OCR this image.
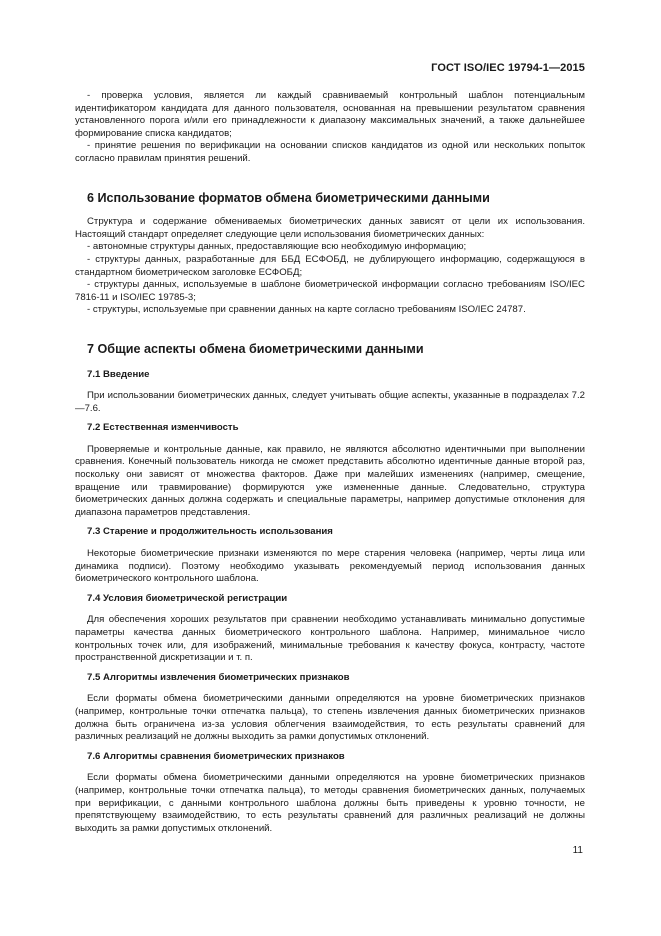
ГОСТ ISO/IEC 19794-1—2015

- проверка условия, является ли каждый сравниваемый контрольный шаблон потенциальным идентификатором кандидата для данного пользователя, основанная на превышении результатом сравнения установленного порога и/или его принадлежности к диапазону максимальных значений, а также дальнейшее формирование списка кандидатов;

- принятие решения по верификации на основании списков кандидатов из одной или нескольких попыток согласно правилам принятия решений.

6 Использование форматов обмена биометрическими данными

Структура и содержание обмениваемых биометрических данных зависят от цели их использования. Настоящий стандарт определяет следующие цели использования биометрических данных:

- автономные структуры данных, предоставляющие всю необходимую информацию;

- структуры данных, разработанные для ББД ЕСФОБД, не дублирующего информацию, содержащуюся в стандартном биометрическом заголовке ЕСФОБД;

- структуры данных, используемые в шаблоне биометрической информации согласно требованиям ISO/IEC 7816-11 и ISO/IEC 19785-3;

- структуры, используемые при сравнении данных на карте согласно требованиям ISO/IEC 24787.

7 Общие аспекты обмена биометрическими данными
7.1 Введение

При использовании биометрических данных, следует учитывать общие аспекты, указанные в подразделах 7.2—7.6.

7.2 Естественная изменчивость

Проверяемые и контрольные данные, как правило, не являются абсолютно идентичными при выполнении сравнения. Конечный пользователь никогда не сможет представить абсолютно идентичные данные второй раз, поскольку они зависят от множества факторов. Даже при малейших изменениях (например, смещение, вращение или травмирование) формируются уже измененные данные. Следовательно, структура биометрических данных должна содержать и специальные параметры, например допустимые отклонения для диапазона параметров представления.

7.3 Старение и продолжительность использования

Некоторые биометрические признаки изменяются по мере старения человека (например, черты лица или динамика подписи). Поэтому необходимо указывать рекомендуемый период использования данных биометрического контрольного шаблона.

7.4 Условия биометрической регистрации

Для обеспечения хороших результатов при сравнении необходимо устанавливать минимально допустимые параметры качества данных биометрического контрольного шаблона. Например, минимальное число контрольных точек или, для изображений, минимальные требования к качеству фокуса, контрасту, частоте пространственной дискретизации и т. п.

7.5 Алгоритмы извлечения биометрических признаков

Если форматы обмена биометрическими данными определяются на уровне биометрических признаков (например, контрольные точки отпечатка пальца), то степень извлечения данных биометрических признаков должна быть ограничена из-за условия облегчения взаимодействия, то есть результаты сравнений для различных реализаций не должны выходить за рамки допустимых отклонений.

7.6 Алгоритмы сравнения биометрических признаков

Если форматы обмена биометрическими данными определяются на уровне биометрических признаков (например, контрольные точки отпечатка пальца), то методы сравнения биометрических данных, получаемых при верификации, с данными контрольного шаблона должны быть приведены к уровню точности, не препятствующему взаимодействию, то есть результаты сравнений для различных реализаций не должны выходить за рамки допустимых отклонений.

11
